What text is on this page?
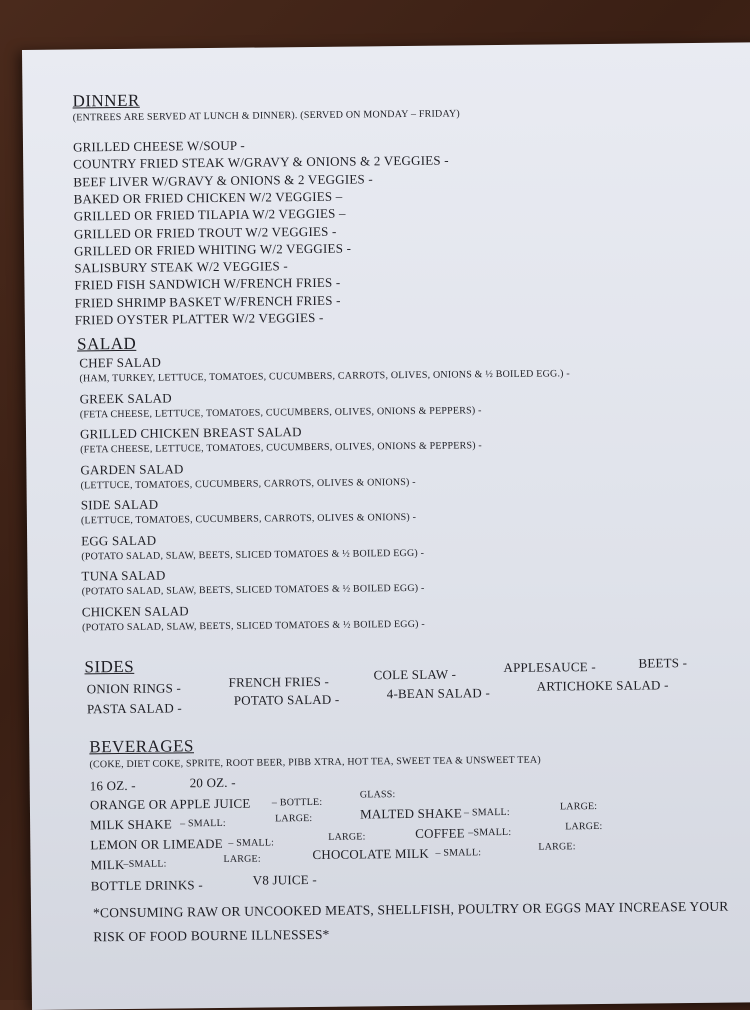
DINNER
(ENTREES ARE SERVED AT LUNCH & DINNER). (SERVED ON MONDAY – FRIDAY)
GRILLED CHEESE W/SOUP -
COUNTRY FRIED STEAK W/GRAVY & ONIONS & 2 VEGGIES -
BEEF LIVER W/GRAVY & ONIONS & 2 VEGGIES -
BAKED OR FRIED CHICKEN W/2 VEGGIES –
GRILLED OR FRIED TILAPIA W/2 VEGGIES –
GRILLED OR FRIED TROUT W/2 VEGGIES -
GRILLED OR FRIED WHITING W/2 VEGGIES -
SALISBURY STEAK W/2 VEGGIES -
FRIED FISH SANDWICH W/FRENCH FRIES -
FRIED SHRIMP BASKET W/FRENCH FRIES -
FRIED OYSTER PLATTER W/2 VEGGIES -
SALAD
CHEF SALAD
(HAM, TURKEY, LETTUCE, TOMATOES, CUCUMBERS, CARROTS, OLIVES, ONIONS & ½ BOILED EGG.) -
GREEK SALAD
(FETA CHEESE, LETTUCE, TOMATOES, CUCUMBERS, OLIVES, ONIONS & PEPPERS) -
GRILLED CHICKEN BREAST SALAD
(FETA CHEESE, LETTUCE, TOMATOES, CUCUMBERS, OLIVES, ONIONS & PEPPERS) -
GARDEN SALAD
(LETTUCE, TOMATOES, CUCUMBERS, CARROTS, OLIVES & ONIONS) -
SIDE SALAD
(LETTUCE, TOMATOES, CUCUMBERS, CARROTS, OLIVES & ONIONS) -
EGG SALAD
(POTATO SALAD, SLAW, BEETS, SLICED TOMATOES & ½ BOILED EGG) -
TUNA SALAD
(POTATO SALAD, SLAW, BEETS, SLICED TOMATOES & ½ BOILED EGG) -
CHICKEN SALAD
(POTATO SALAD, SLAW, BEETS, SLICED TOMATOES & ½ BOILED EGG) -
SIDES
ONION RINGS -	FRENCH FRIES -	COLE SLAW -	APPLESAUCE -	BEETS -
PASTA SALAD -
POTATO SALAD -	4-BEAN SALAD -	ARTICHOKE SALAD -
BEVERAGES
(COKE, DIET COKE, SPRITE, ROOT BEER, PIBB XTRA, HOT TEA, SWEET TEA & UNSWEET TEA)
16 OZ. -	20 OZ. -
ORANGE OR APPLE JUICE – BOTTLE:
GLASS:
MILK SHAKE – SMALL:	LARGE:	MALTED SHAKE – SMALL:
LARGE:
LEMON OR LIMEADE – SMALL:
LARGE:	COFFEE –SMALL:
LARGE:
MILK
–SMALL:	LARGE:	CHOCOLATE MILK – SMALL:
LARGE:
BOTTLE DRINKS -	V8 JUICE -
*CONSUMING RAW OR UNCOOKED MEATS, SHELLFISH, POULTRY OR EGGS MAY INCREASE YOUR
RISK OF FOOD BOURNE ILLNESSES*
